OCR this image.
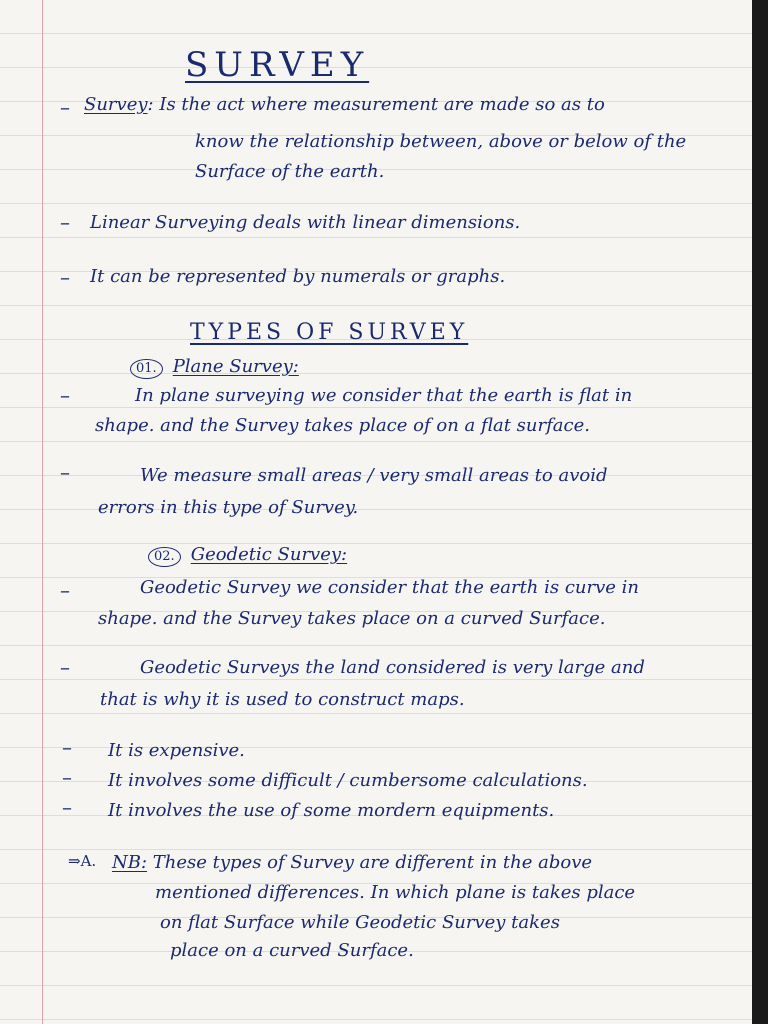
SURVEY
– Survey: Is the act where measurement are made so as to
know the relationship between, above or below of the
Surface of the earth.
– Linear Surveying deals with linear dimensions.
– It can be represented by numerals or graphs.
TYPES OF SURVEY
01. Plane Survey:
–	In plane surveying we consider that the earth is flat in
shape. and the Survey takes place of on a flat surface.
–	We measure small areas / very small areas to avoid
errors in this type of Survey.
02. Geodetic Survey:
–	Geodetic Survey we consider that the earth is curve in
shape. and the Survey takes place on a curved Surface.
–	Geodetic Surveys the land considered is very large and
that is why it is used to construct maps.
– It is expensive.
– It involves some difficult / cumbersome calculations.
– It involves the use of some mordern equipments.
⇒A. NB: These types of Survey are different in the above
mentioned differences. In which plane is takes place
on flat Surface while Geodetic Survey takes
place on a curved Surface.
